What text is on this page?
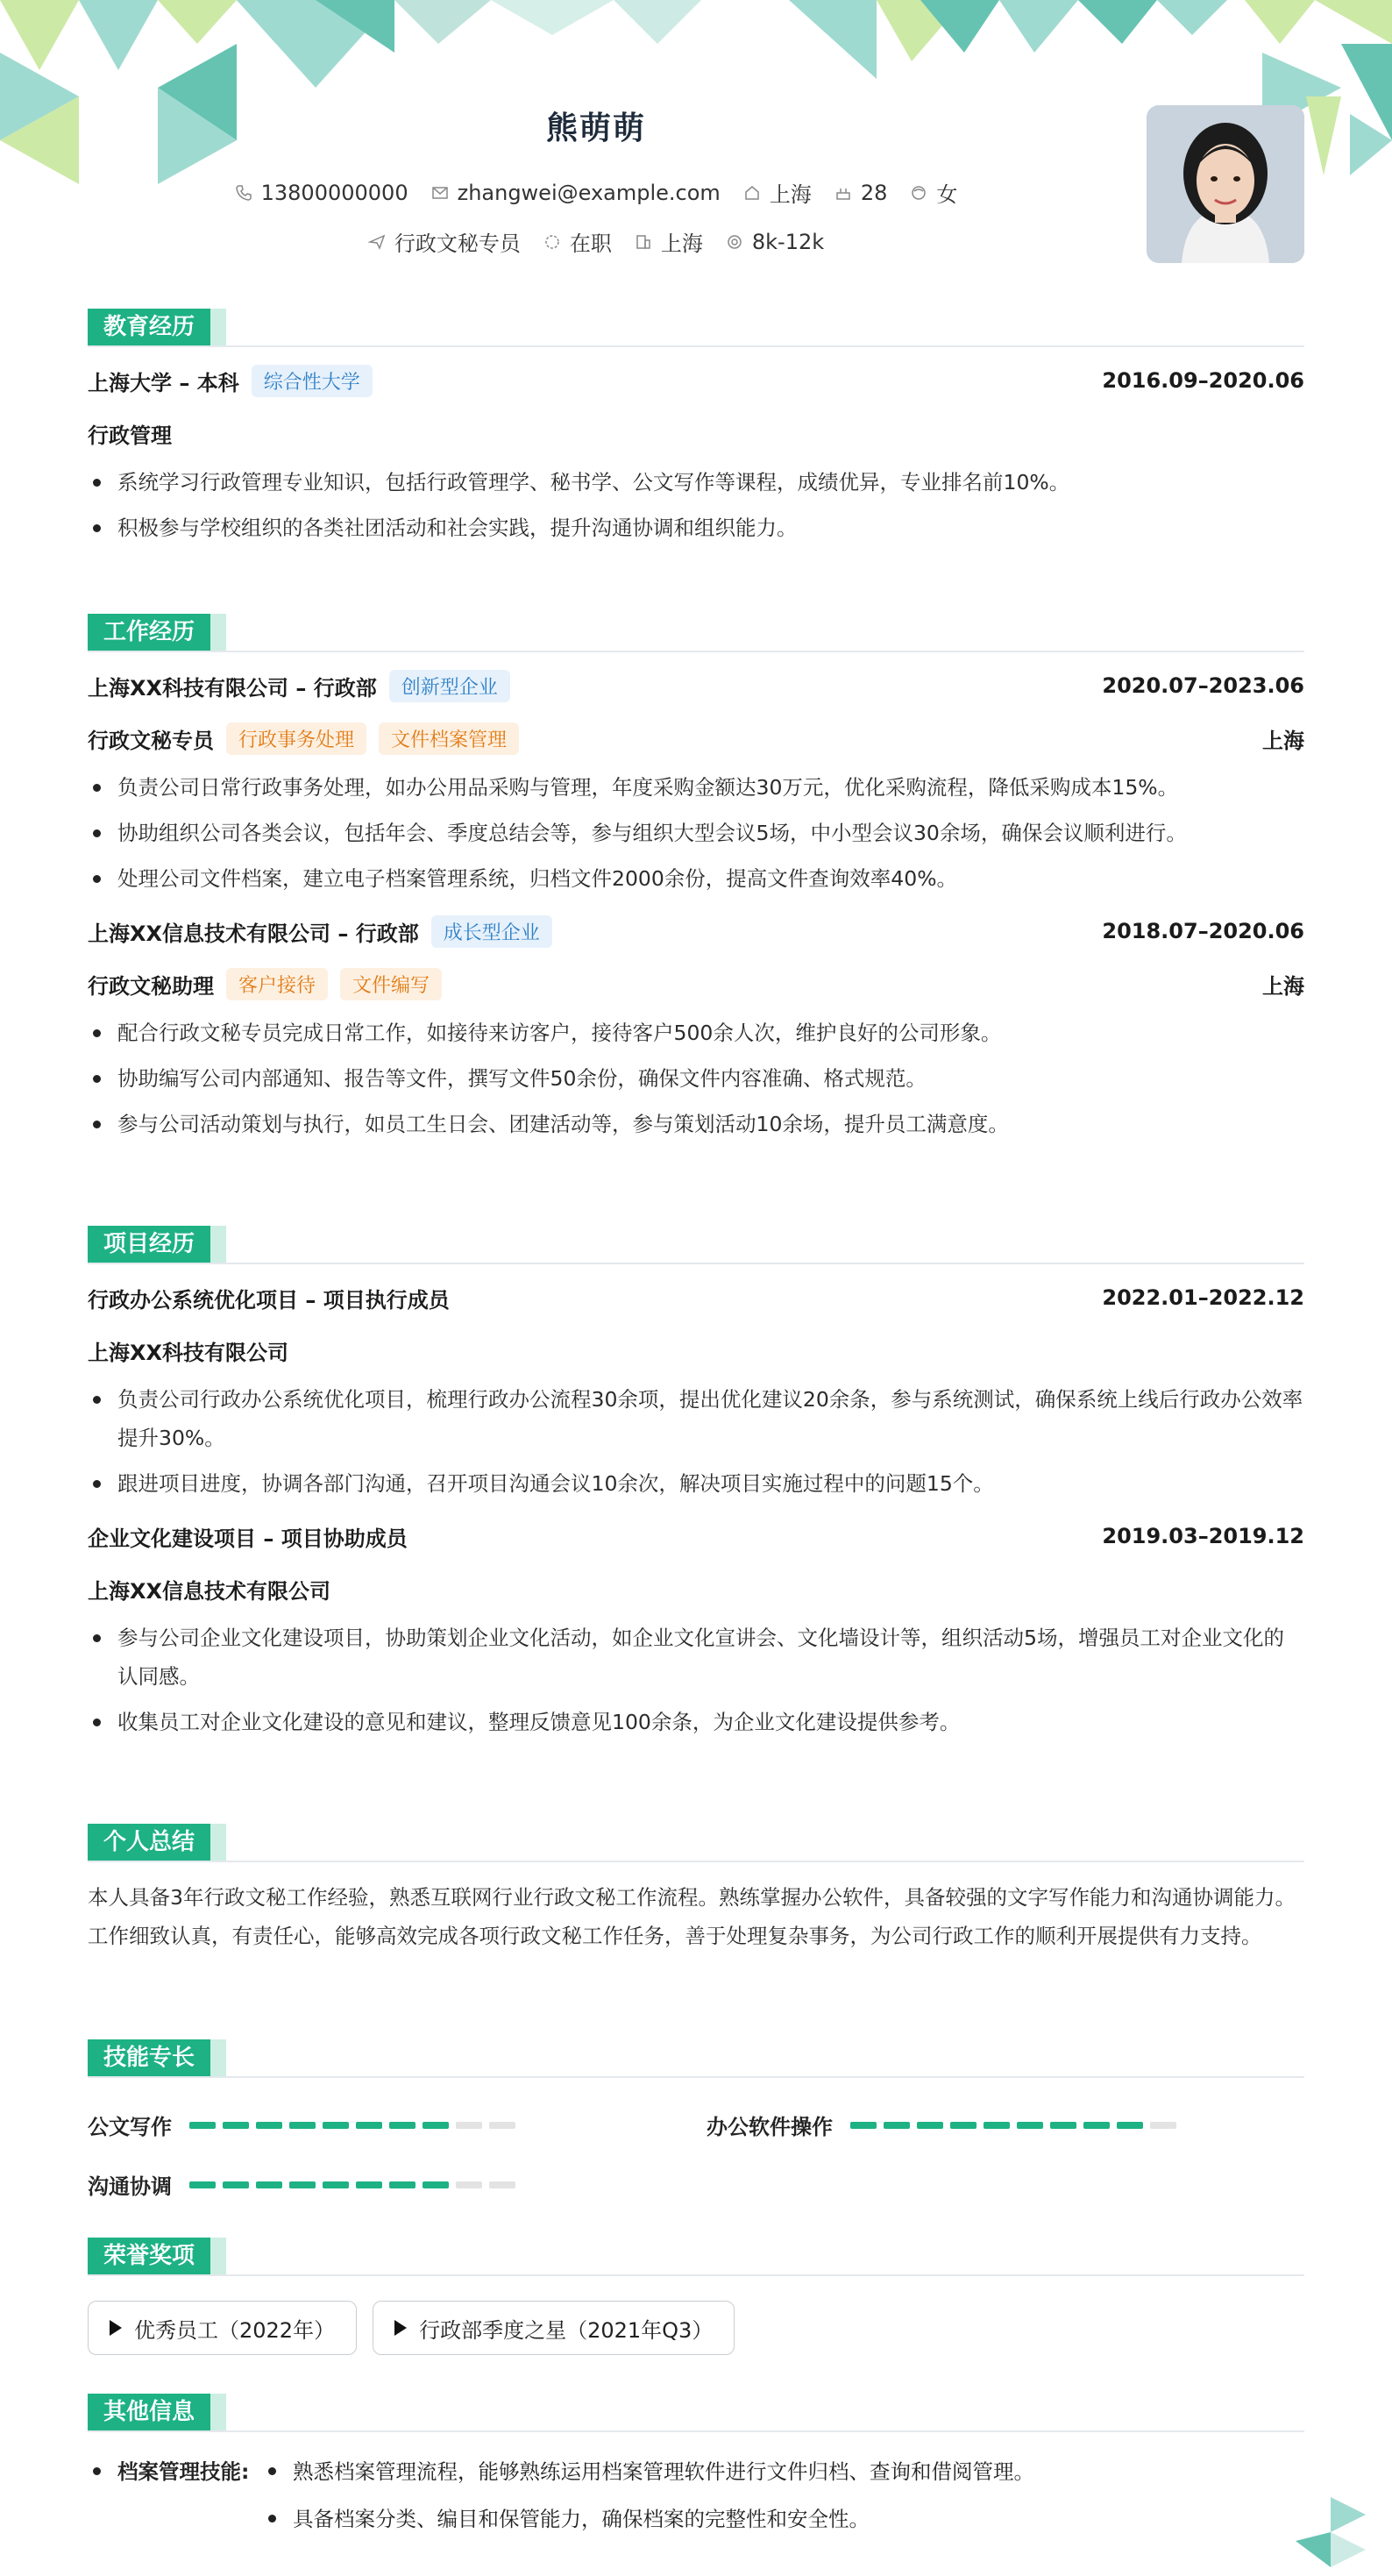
熊萌萌
13800000000 zhangwei@example.com 上海 28 女
行政文秘专员 在职 上海 8k-12k
教育经历
上海大学 – 本科	综合性大学	2016.09–2020.06
行政管理
系统学习行政管理专业知识，包括行政管理学、秘书学、公文写作等课程，成绩优异，专业排名前10%。
积极参与学校组织的各类社团活动和社会实践，提升沟通协调和组织能力。
工作经历
上海XX科技有限公司 – 行政部	创新型企业	2020.07–2023.06
行政文秘专员	行政事务处理	文件档案管理	上海
负责公司日常行政事务处理，如办公用品采购与管理，年度采购金额达30万元，优化采购流程，降低采购成本15%。
协助组织公司各类会议，包括年会、季度总结会等，参与组织大型会议5场，中小型会议30余场，确保会议顺利进行。
处理公司文件档案，建立电子档案管理系统，归档文件2000余份，提高文件查询效率40%。
上海XX信息技术有限公司 – 行政部	成长型企业	2018.07–2020.06
行政文秘助理	客户接待	文件编写	上海
配合行政文秘专员完成日常工作，如接待来访客户，接待客户500余人次，维护良好的公司形象。
协助编写公司内部通知、报告等文件，撰写文件50余份，确保文件内容准确、格式规范。
参与公司活动策划与执行，如员工生日会、团建活动等，参与策划活动10余场，提升员工满意度。
项目经历
行政办公系统优化项目 – 项目执行成员	2022.01–2022.12
上海XX科技有限公司
负责公司行政办公系统优化项目，梳理行政办公流程30余项，提出优化建议20余条，参与系统测试，确保系统上线后行政办公效率提升30%。
跟进项目进度，协调各部门沟通，召开项目沟通会议10余次，解决项目实施过程中的问题15个。
企业文化建设项目 – 项目协助成员	2019.03–2019.12
上海XX信息技术有限公司
参与公司企业文化建设项目，协助策划企业文化活动，如企业文化宣讲会、文化墙设计等，组织活动5场，增强员工对企业文化的认同感。
收集员工对企业文化建设的意见和建议，整理反馈意见100余条，为企业文化建设提供参考。
个人总结
本人具备3年行政文秘工作经验，熟悉互联网行业行政文秘工作流程。熟练掌握办公软件，具备较强的文字写作能力和沟通协调能力。工作细致认真，有责任心，能够高效完成各项行政文秘工作任务，善于处理复杂事务，为公司行政工作的顺利开展提供有力支持。
技能专长
公文写作	办公软件操作
沟通协调
荣誉奖项
优秀员工（2022年）	行政部季度之星（2021年Q3）
其他信息
档案管理技能:	熟悉档案管理流程，能够熟练运用档案管理软件进行文件归档、查询和借阅管理。
具备档案分类、编目和保管能力，确保档案的完整性和安全性。
